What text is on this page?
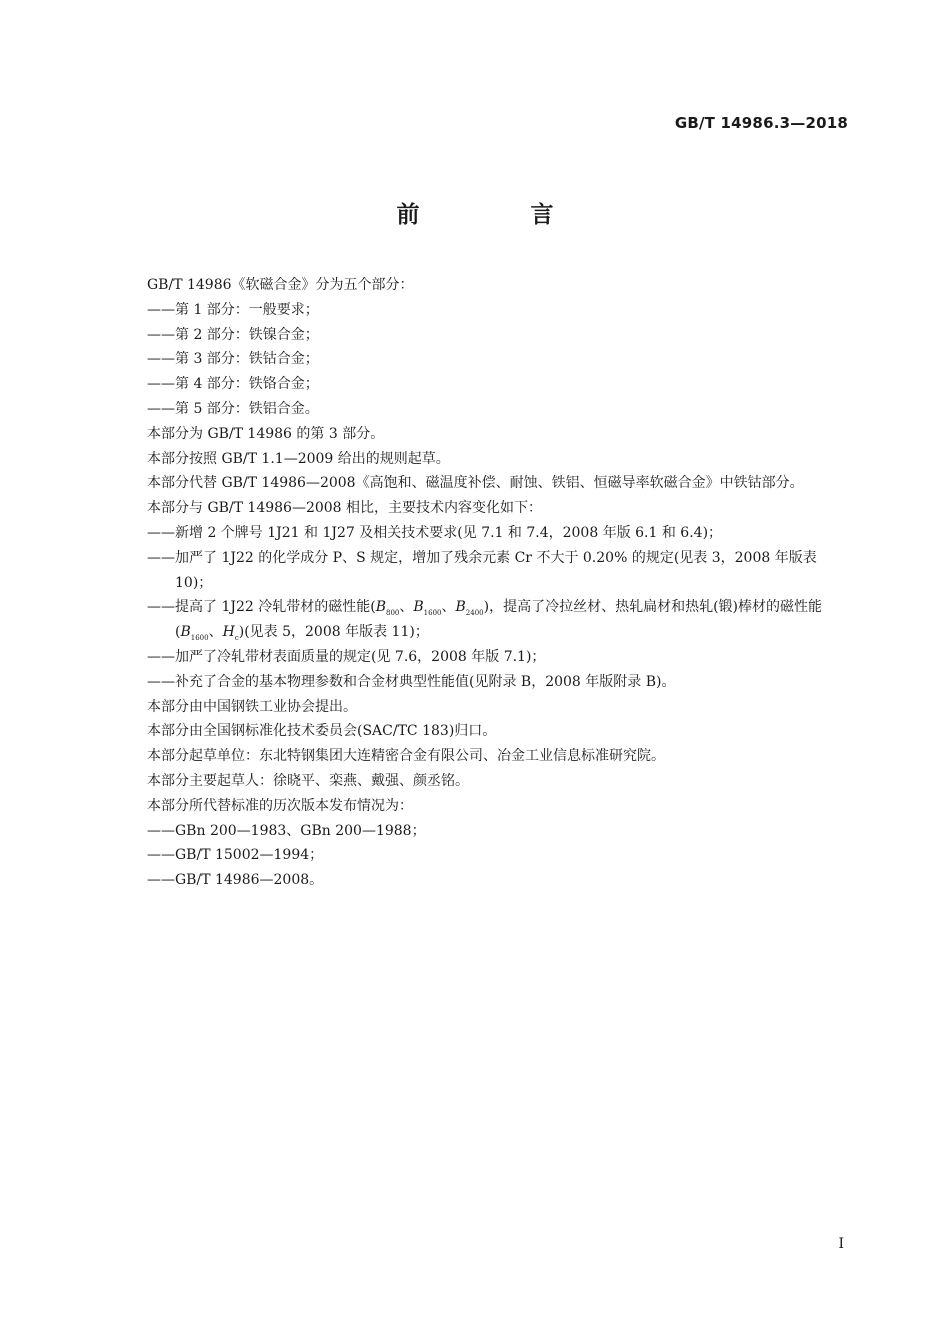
GB/T 14986.3—2018
前　言

GB/T 14986《软磁合金》分为五个部分：

——第 1 部分：一般要求；

——第 2 部分：铁镍合金；

——第 3 部分：铁钴合金；

——第 4 部分：铁铬合金；

——第 5 部分：铁铝合金。

本部分为 GB/T 14986 的第 3 部分。

本部分按照 GB/T 1.1—2009 给出的规则起草。

本部分代替 GB/T 14986—2008《高饱和、磁温度补偿、耐蚀、铁铝、恒磁导率软磁合金》中铁钴部分。

本部分与 GB/T 14986—2008 相比，主要技术内容变化如下：

——新增 2 个牌号 1J21 和 1J27 及相关技术要求(见 7.1 和 7.4，2008 年版 6.1 和 6.4)；

——加严了 1J22 的化学成分 P、S 规定，增加了残余元素 Cr 不大于 0.20% 的规定(见表 3，2008 年版表 10)；

——提高了 1J22 冷轧带材的磁性能($B_{800}$、$B_{1600}$、$B_{2400}$)，提高了冷拉丝材、热轧扁材和热轧(锻)棒材的磁性能($B_{1600}$、$H_c$)(见表 5，2008 年版表 11)；

——加严了冷轧带材表面质量的规定(见 7.6，2008 年版 7.1)；

——补充了合金的基本物理参数和合金材典型性能值(见附录 B，2008 年版附录 B)。

本部分由中国钢铁工业协会提出。

本部分由全国钢标准化技术委员会(SAC/TC 183)归口。

本部分起草单位：东北特钢集团大连精密合金有限公司、冶金工业信息标准研究院。

本部分主要起草人：徐晓平、栾燕、戴强、颜丞铭。

本部分所代替标准的历次版本发布情况为：

——GBn 200—1983、GBn 200—1988；

——GB/T 15002—1994；

——GB/T 14986—2008。

I
